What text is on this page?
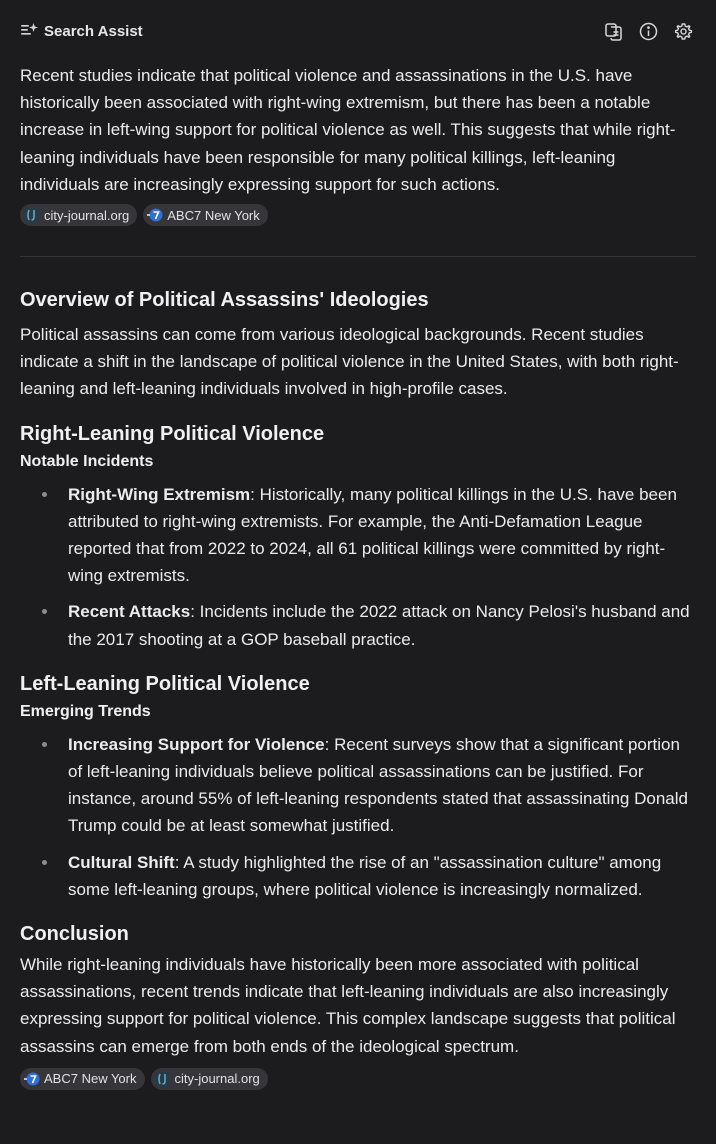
Search Assist

Recent studies indicate that political violence and assassinations in the U.S. have historically been associated with right-wing extremism, but there has been a notable increase in left-wing support for political violence as well. This suggests that while right-leaning individuals have been responsible for many political killings, left-leaning individuals are increasingly expressing support for such actions.

city-journal.org	ABC7 New York
Overview of Political Assassins' Ideologies

Political assassins can come from various ideological backgrounds. Recent studies indicate a shift in the landscape of political violence in the United States, with both right-leaning and left-leaning individuals involved in high-profile cases.

Right-Leaning Political Violence
Notable Incidents
Right-Wing Extremism: Historically, many political killings in the U.S. have been attributed to right-wing extremists. For example, the Anti-Defamation League reported that from 2022 to 2024, all 61 political killings were committed by right-wing extremists.
Recent Attacks: Incidents include the 2022 attack on Nancy Pelosi's husband and the 2017 shooting at a GOP baseball practice.
Left-Leaning Political Violence
Emerging Trends
Increasing Support for Violence: Recent surveys show that a significant portion of left-leaning individuals believe political assassinations can be justified. For instance, around 55% of left-leaning respondents stated that assassinating Donald Trump could be at least somewhat justified.
Cultural Shift: A study highlighted the rise of an "assassination culture" among some left-leaning groups, where political violence is increasingly normalized.
Conclusion

While right-leaning individuals have historically been more associated with political assassinations, recent trends indicate that left-leaning individuals are also increasingly expressing support for political violence. This complex landscape suggests that political assassins can emerge from both ends of the ideological spectrum.

ABC7 New York	city-journal.org
